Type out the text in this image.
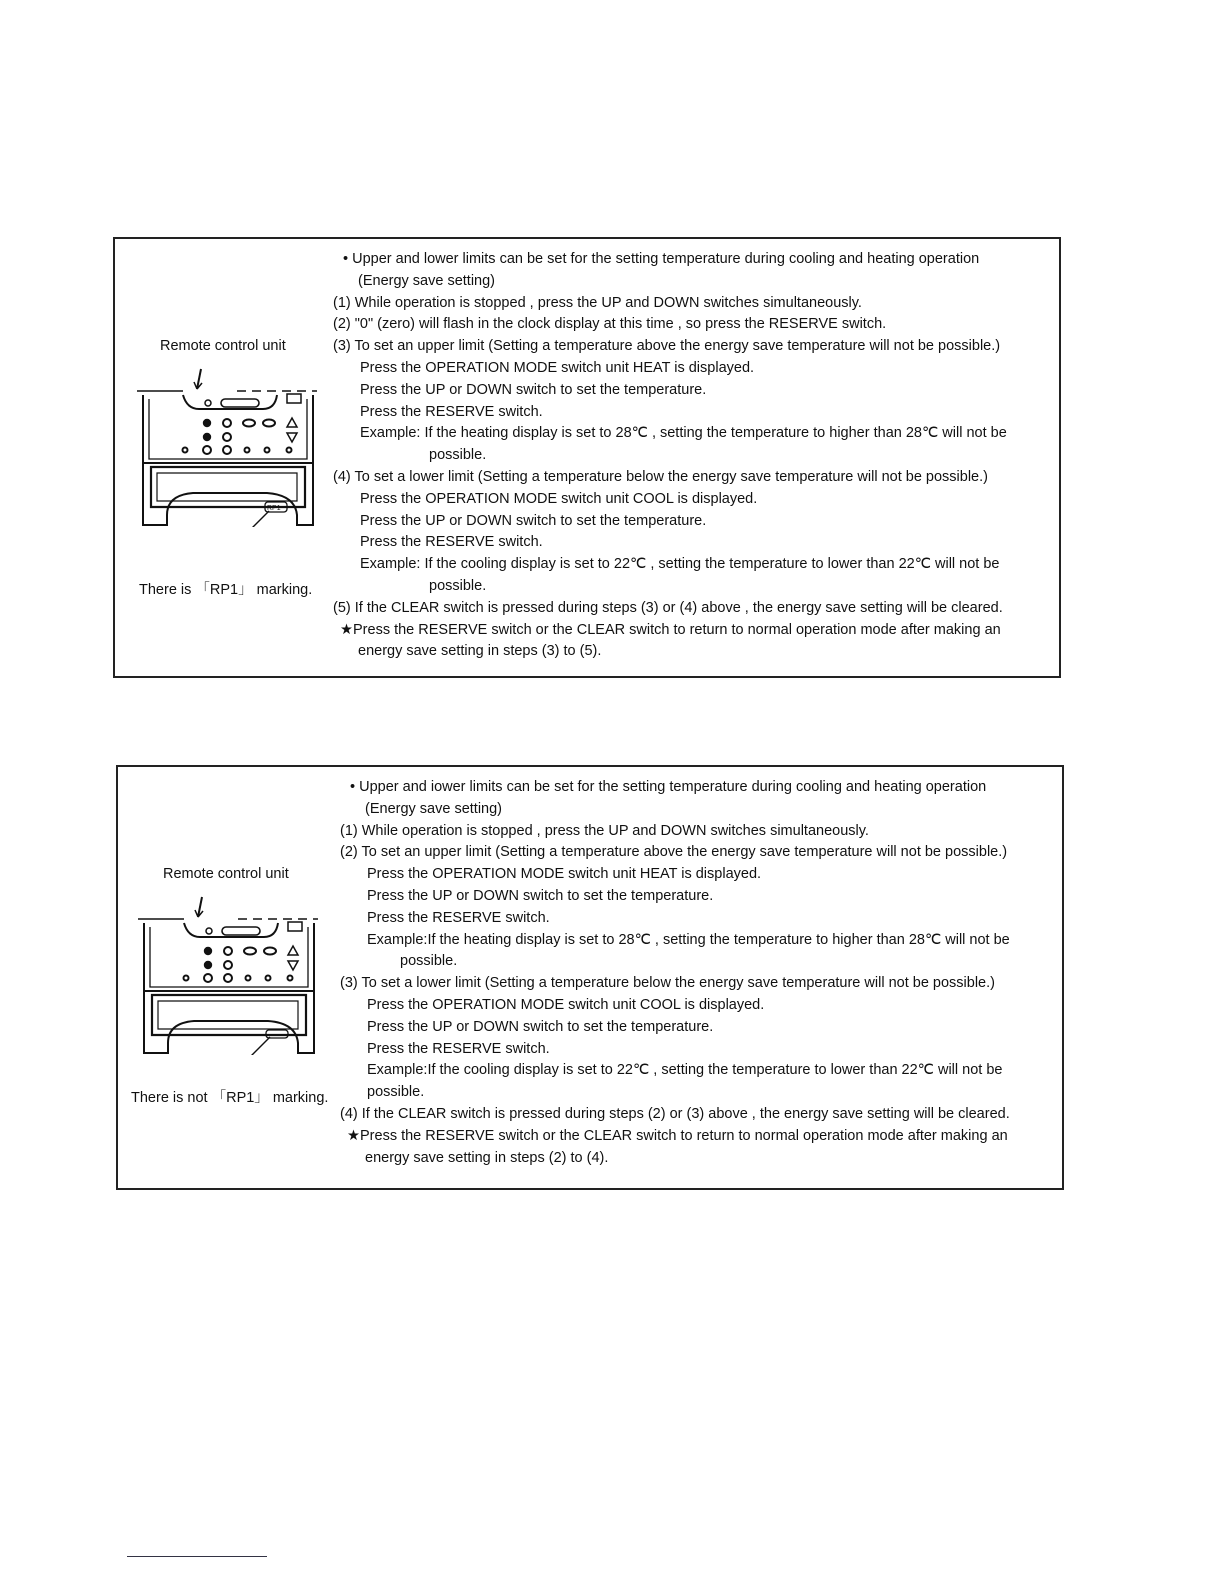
Remote control unit
RP1
There is 「RP1」 marking.
• Upper and lower limits can be set for the setting temperature during cooling and heating operation
(Energy save setting)
(1) While operation is stopped , press the UP and DOWN switches simultaneously.
(2) "0" (zero) will flash in the clock display at this time , so press the RESERVE switch.
(3) To set an upper limit (Setting a temperature above the energy save temperature will not be possible.)
Press the OPERATION MODE switch unit HEAT is displayed.
Press the UP or DOWN switch to set the temperature.
Press the RESERVE switch.
Example: If the heating display is set to 28℃ , setting the temperature to higher than 28℃ will not be
possible.
(4) To set a lower limit (Setting a temperature below the energy save temperature will not be possible.)
Press the OPERATION MODE switch unit COOL is displayed.
Press the UP or DOWN switch to set the temperature.
Press the RESERVE switch.
Example: If the cooling display is set to 22℃ , setting the temperature to lower than 22℃ will not be
possible.
(5) If the CLEAR switch is pressed during steps (3) or (4) above , the energy save setting will be cleared.
★Press the RESERVE switch or the CLEAR switch to return to normal operation mode after making an
energy save setting in steps (3) to (5).
Remote control unit
There is not 「RP1」 marking.
• Upper and iower limits can be set for the setting temperature during cooling and heating operation
(Energy save setting)
(1) While operation is stopped , press the UP and DOWN switches simultaneously.
(2) To set an upper limit (Setting a temperature above the energy save temperature will not be possible.)
Press the OPERATION MODE switch unit HEAT is displayed.
Press the UP or DOWN switch to set the temperature.
Press the RESERVE switch.
Example:If the heating display is set to 28℃ , setting the temperature to higher than 28℃ will not be
possible.
(3) To set a lower limit (Setting a temperature below the energy save temperature will not be possible.)
Press the OPERATION MODE switch unit COOL is displayed.
Press the UP or DOWN switch to set the temperature.
Press the RESERVE switch.
Example:If the cooling display is set to 22℃ , setting the temperature to lower than 22℃ will not be
possible.
(4) If the CLEAR switch is pressed during steps (2) or (3) above , the energy save setting will be cleared.
★Press the RESERVE switch or the CLEAR switch to return to normal operation mode after making an
energy save setting in steps (2) to (4).
